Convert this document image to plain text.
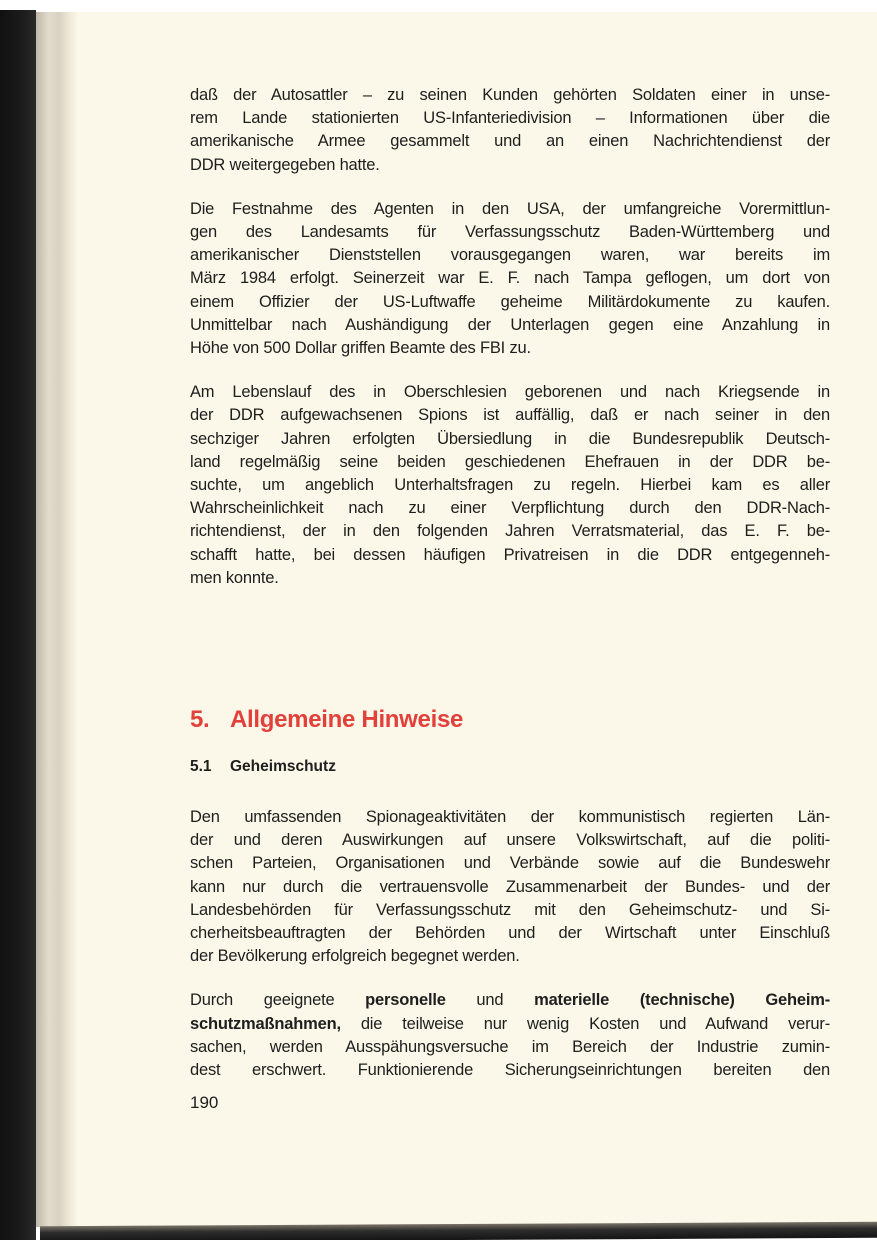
daß der Autosattler – zu seinen Kunden gehörten Soldaten einer in unse-
rem Lande stationierten US-Infanteriedivision – Informationen über die
amerikanische Armee gesammelt und an einen Nachrichtendienst der
DDR weitergegeben hatte.

Die Festnahme des Agenten in den USA, der umfangreiche Vorermittlun-
gen des Landesamts für Verfassungsschutz Baden-Württemberg und
amerikanischer Dienststellen vorausgegangen waren, war bereits im
März 1984 erfolgt. Seinerzeit war E. F. nach Tampa geflogen, um dort von
einem Offizier der US-Luftwaffe geheime Militärdokumente zu kaufen.
Unmittelbar nach Aushändigung der Unterlagen gegen eine Anzahlung in
Höhe von 500 Dollar griffen Beamte des FBI zu.

Am Lebenslauf des in Oberschlesien geborenen und nach Kriegsende in
der DDR aufgewachsenen Spions ist auffällig, daß er nach seiner in den
sechziger Jahren erfolgten Übersiedlung in die Bundesrepublik Deutsch-
land regelmäßig seine beiden geschiedenen Ehefrauen in der DDR be-
suchte, um angeblich Unterhaltsfragen zu regeln. Hierbei kam es aller
Wahrscheinlichkeit nach zu einer Verpflichtung durch den DDR-Nach-
richtendienst, der in den folgenden Jahren Verratsmaterial, das E. F. be-
schafft hatte, bei dessen häufigen Privatreisen in die DDR entgegenneh-
men konnte.

5. Allgemeine Hinweise
5.1 Geheimschutz

Den umfassenden Spionageaktivitäten der kommunistisch regierten Län-
der und deren Auswirkungen auf unsere Volkswirtschaft, auf die politi-
schen Parteien, Organisationen und Verbände sowie auf die Bundeswehr
kann nur durch die vertrauensvolle Zusammenarbeit der Bundes- und der
Landesbehörden für Verfassungsschutz mit den Geheimschutz- und Si-
cherheitsbeauftragten der Behörden und der Wirtschaft unter Einschluß
der Bevölkerung erfolgreich begegnet werden.

Durch geeignete personelle und materielle (technische) Geheim-
schutzmaßnahmen, die teilweise nur wenig Kosten und Aufwand verur-
sachen, werden Ausspähungsversuche im Bereich der Industrie zumin-
dest erschwert. Funktionierende Sicherungseinrichtungen bereiten den

190
